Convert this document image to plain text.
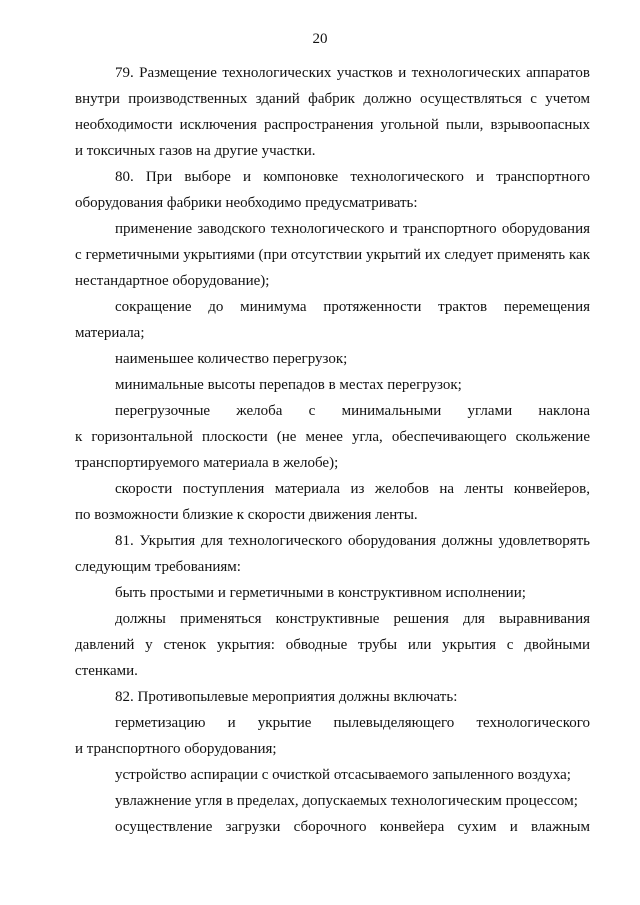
20
79. Размещение технологических участков и технологических аппаратов
внутри производственных зданий фабрик должно осуществляться с учетом
необходимости исключения распространения угольной пыли, взрывоопасных
и токсичных газов на другие участки.
80. При выборе и компоновке технологического и транспортного
оборудования фабрики необходимо предусматривать:
применение заводского технологического и транспортного оборудования
с герметичными укрытиями (при отсутствии укрытий их следует применять как
нестандартное оборудование);
сокращение до минимума протяженности трактов перемещения
материала;
наименьшее количество перегрузок;
минимальные высоты перепадов в местах перегрузок;
перегрузочные желоба с минимальными углами наклона
к горизонтальной плоскости (не менее угла, обеспечивающего скольжение
транспортируемого материала в желобе);
скорости поступления материала из желобов на ленты конвейеров,
по возможности близкие к скорости движения ленты.
81. Укрытия для технологического оборудования должны удовлетворять
следующим требованиям:
быть простыми и герметичными в конструктивном исполнении;
должны применяться конструктивные решения для выравнивания
давлений у стенок укрытия: обводные трубы или укрытия с двойными
стенками.
82. Противопылевые мероприятия должны включать:
герметизацию и укрытие пылевыделяющего технологического
и транспортного оборудования;
устройство аспирации с очисткой отсасываемого запыленного воздуха;
увлажнение угля в пределах, допускаемых технологическим процессом;
осуществление загрузки сборочного конвейера сухим и влажным
